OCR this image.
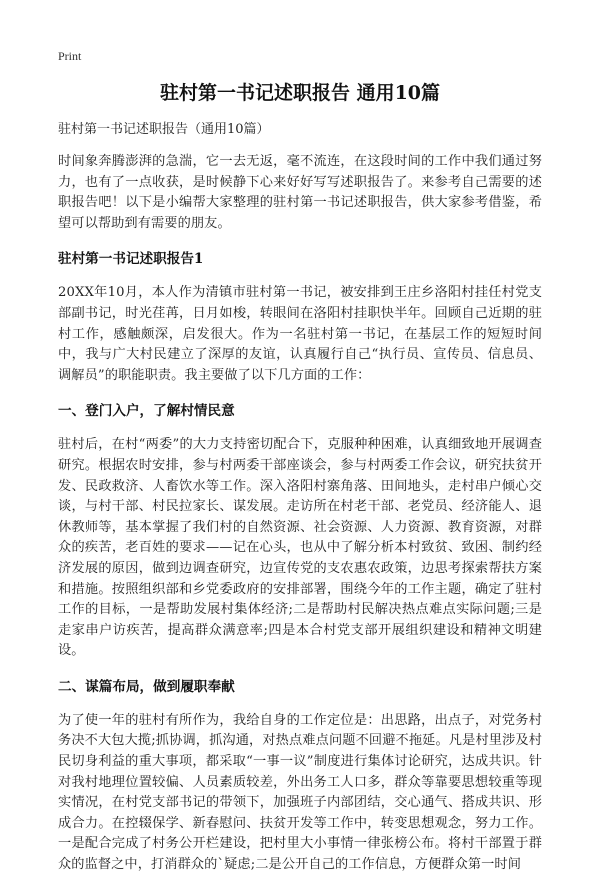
Print
驻村第一书记述职报告 通用10篇
驻村第一书记述职报告（通用10篇）

时间象奔腾澎湃的急湍，它一去无返，毫不流连，在这段时间的工作中我们通过努力，也有了一点收获，是时候静下心来好好写写述职报告了。来参考自己需要的述职报告吧！以下是小编帮大家整理的驻村第一书记述职报告，供大家参考借鉴，希望可以帮助到有需要的朋友。

驻村第一书记述职报告1

20XX年10月，本人作为清镇市驻村第一书记，被安排到王庄乡洛阳村挂任村党支部副书记，时光荏苒，日月如梭，转眼间在洛阳村挂职快半年。回顾自己近期的驻村工作，感触颇深，启发很大。作为一名驻村第一书记，在基层工作的短短时间中，我与广大村民建立了深厚的友谊，认真履行自己“执行员、宣传员、信息员、调解员”的职能职责。我主要做了以下几方面的工作：

一、登门入户，了解村情民意

驻村后，在村“两委”的大力支持密切配合下，克服种种困难，认真细致地开展调查研究。根据农时安排，参与村两委干部座谈会，参与村两委工作会议，研究扶贫开发、民政救济、人畜饮水等工作。深入洛阳村寨角落、田间地头，走村串户倾心交谈，与村干部、村民拉家长、谋发展。走访所在村老干部、老党员、经济能人、退休教师等，基本掌握了我们村的自然资源、社会资源、人力资源、教育资源，对群众的疾苦，老百姓的要求——记在心头，也从中了解分析本村致贫、致困、制约经济发展的原因，做到边调查研究，边宣传党的支农惠农政策，边思考探索帮扶方案和措施。按照组织部和乡党委政府的安排部署，围绕今年的工作主题，确定了驻村工作的目标，一是帮助发展村集体经济;二是帮助村民解决热点难点实际问题;三是走家串户访疾苦，提高群众满意率;四是本合村党支部开展组织建设和精神文明建设。

二、谋篇布局，做到履职奉献

为了使一年的驻村有所作为，我给自身的工作定位是：出思路，出点子，对党务村务决不大包大揽;抓协调，抓沟通，对热点难点问题不回避不拖延。凡是村里涉及村民切身利益的重大事项，都采取“一事一议”制度进行集体讨论研究，达成共识。针对我村地理位置较偏、人员素质较差，外出务工人口多，群众等靠要思想较重等现实情况，在村党支部书记的带领下，加强班子内部团结，交心通气、搭成共识、形成合力。在控辍保学、新春慰问、扶贫开发等工作中，转变思想观念，努力工作。一是配合完成了村务公开栏建设，把村里大小事情一律张榜公布。将村干部置于群众的监督之中，打消群众的`疑虑;二是公开自己的工作信息，方便群众第一时间
